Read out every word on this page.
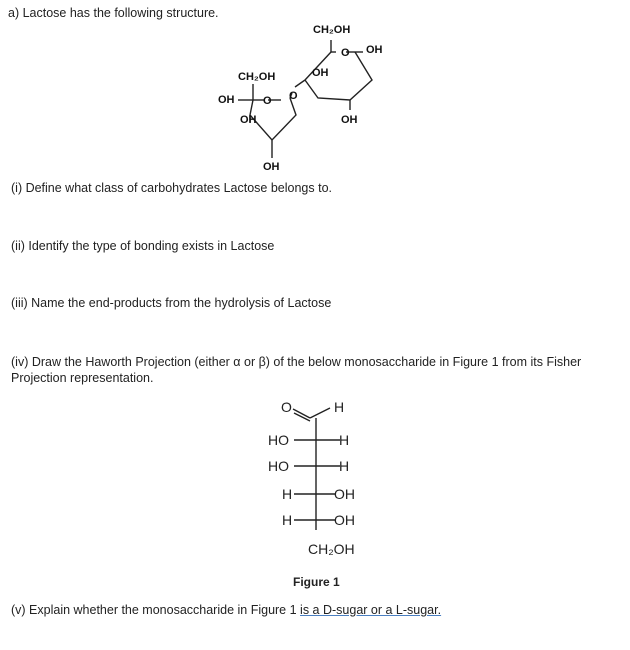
a) Lactose has the following structure.
CH₂OH
OH
OH
OH
O O
CH₂OH
O OH
OH
OH
(i) Define what class of carbohydrates Lactose belongs to.
(ii) Identify the type of bonding exists in Lactose
(iii) Name the end-products from the hydrolysis of Lactose
(iv) Draw the Haworth Projection (either α or β) of the below monosaccharide in Figure 1 from its Fisher Projection representation.
O	H
HO	H
HO	H
H	OH
H	OH
CH₂OH
Figure 1
(v) Explain whether the monosaccharide in Figure 1 is a D-sugar or a L-sugar.
